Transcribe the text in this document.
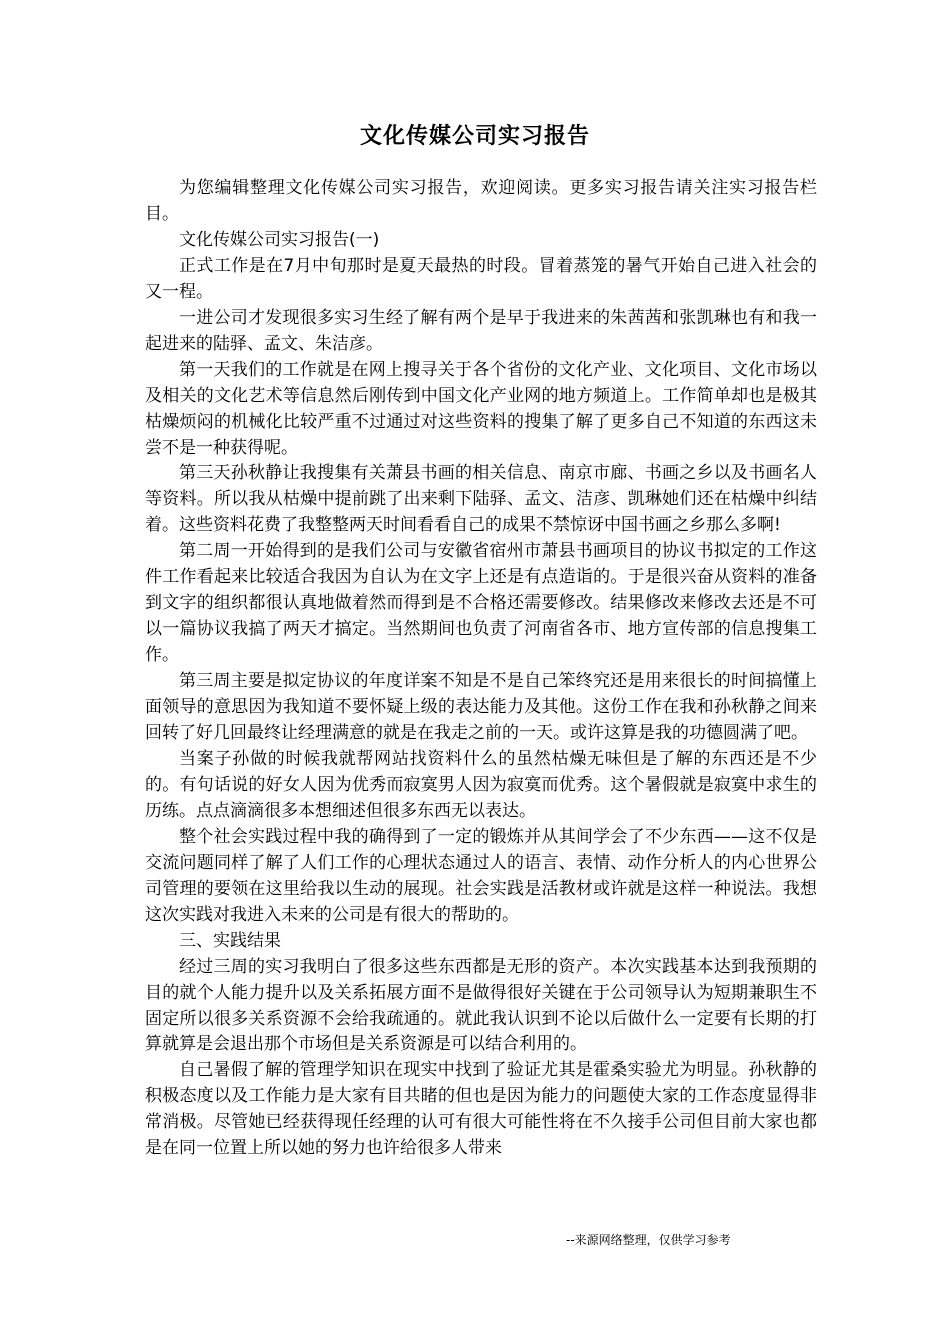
文化传媒公司实习报告

为您编辑整理文化传媒公司实习报告，欢迎阅读。更多实习报告请关注实习报告栏目。

文化传媒公司实习报告(一)

正式工作是在7月中旬那时是夏天最热的时段。冒着蒸笼的暑气开始自己进入社会的又一程。

一进公司才发现很多实习生经了解有两个是早于我进来的朱茜茜和张凯琳也有和我一起进来的陆驿、孟文、朱洁彦。

第一天我们的工作就是在网上搜寻关于各个省份的文化产业、文化项目、文化市场以及相关的文化艺术等信息然后刚传到中国文化产业网的地方频道上。工作简单却也是极其枯燥烦闷的机械化比较严重不过通过对这些资料的搜集了解了更多自己不知道的东西这未尝不是一种获得呢。

第三天孙秋静让我搜集有关萧县书画的相关信息、南京市廊、书画之乡以及书画名人等资料。所以我从枯燥中提前跳了出来剩下陆驿、孟文、洁彦、凯琳她们还在枯燥中纠结着。这些资料花费了我整整两天时间看看自己的成果不禁惊讶中国书画之乡那么多啊!

第二周一开始得到的是我们公司与安徽省宿州市萧县书画项目的协议书拟定的工作这件工作看起来比较适合我因为自认为在文字上还是有点造诣的。于是很兴奋从资料的准备到文字的组织都很认真地做着然而得到是不合格还需要修改。结果修改来修改去还是不可以一篇协议我搞了两天才搞定。当然期间也负责了河南省各市、地方宣传部的信息搜集工作。

第三周主要是拟定协议的年度详案不知是不是自己笨终究还是用来很长的时间搞懂上面领导的意思因为我知道不要怀疑上级的表达能力及其他。这份工作在我和孙秋静之间来回转了好几回最终让经理满意的就是在我走之前的一天。或许这算是我的功德圆满了吧。

当案子孙做的时候我就帮网站找资料什么的虽然枯燥无味但是了解的东西还是不少的。有句话说的好女人因为优秀而寂寞男人因为寂寞而优秀。这个暑假就是寂寞中求生的历练。点点滴滴很多本想细述但很多东西无以表达。

整个社会实践过程中我的确得到了一定的锻炼并从其间学会了不少东西——这不仅是交流问题同样了解了人们工作的心理状态通过人的语言、表情、动作分析人的内心世界公司管理的要领在这里给我以生动的展现。社会实践是活教材或许就是这样一种说法。我想这次实践对我进入未来的公司是有很大的帮助的。

三、实践结果

经过三周的实习我明白了很多这些东西都是无形的资产。本次实践基本达到我预期的目的就个人能力提升以及关系拓展方面不是做得很好关键在于公司领导认为短期兼职生不固定所以很多关系资源不会给我疏通的。就此我认识到不论以后做什么一定要有长期的打算就算是会退出那个市场但是关系资源是可以结合利用的。

自己暑假了解的管理学知识在现实中找到了验证尤其是霍桑实验尤为明显。孙秋静的积极态度以及工作能力是大家有目共睹的但也是因为能力的问题使大家的工作态度显得非常消极。尽管她已经获得现任经理的认可有很大可能性将在不久接手公司但目前大家也都是在同一位置上所以她的努力也许给很多人带来

--来源网络整理，仅供学习参考
